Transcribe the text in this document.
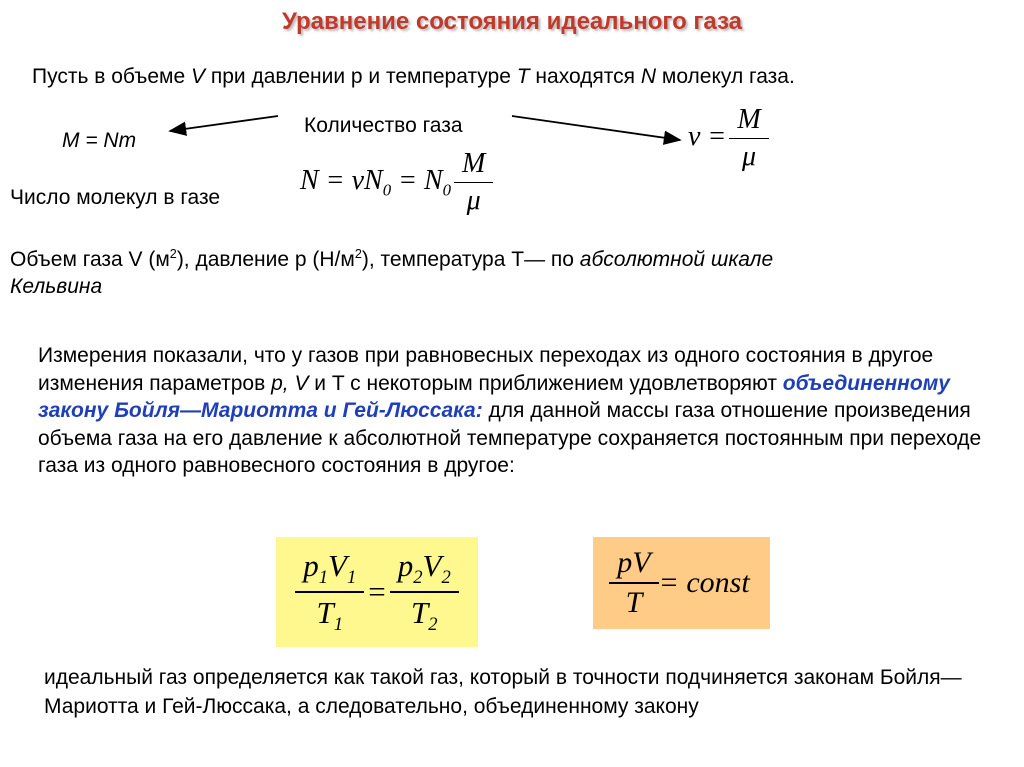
Уравнение состояния идеального газа
Пусть в объеме V при давлении р и температуре T находятся N молекул газа.
M = Nm
Количество газа	$\nu = \frac{M}{\mu}$
Число молекул в газе
$N = \nu N_0 = N_0 \frac{M}{\mu}$
Объем газа V $(м^2)$, давление р $(Н/м^2)$, температура T— по абсолютной шкале
Кельвина
Измерения показали, что у газов при равновесных переходах из одного состояния в другое изменения параметров p, V и T с некоторым приближением удовлетворяют объединенному закону Бойля—Мариотта и Гей-Люссака: для данной массы газа отношение произведения объема газа на его давление к абсолютной температуре сохраняется постоянным при переходе газа из одного равновесного состояния в другое:
$\frac{p_1V_1}{T_1} = \frac{p_2V_2}{T_2}$	$\frac{pV}{T}$ = const
идеальный газ определяется как такой газ, который в точности подчиняется законам Бойля—Мариотта и Гей-Люссака, а следовательно, объединенному закону
